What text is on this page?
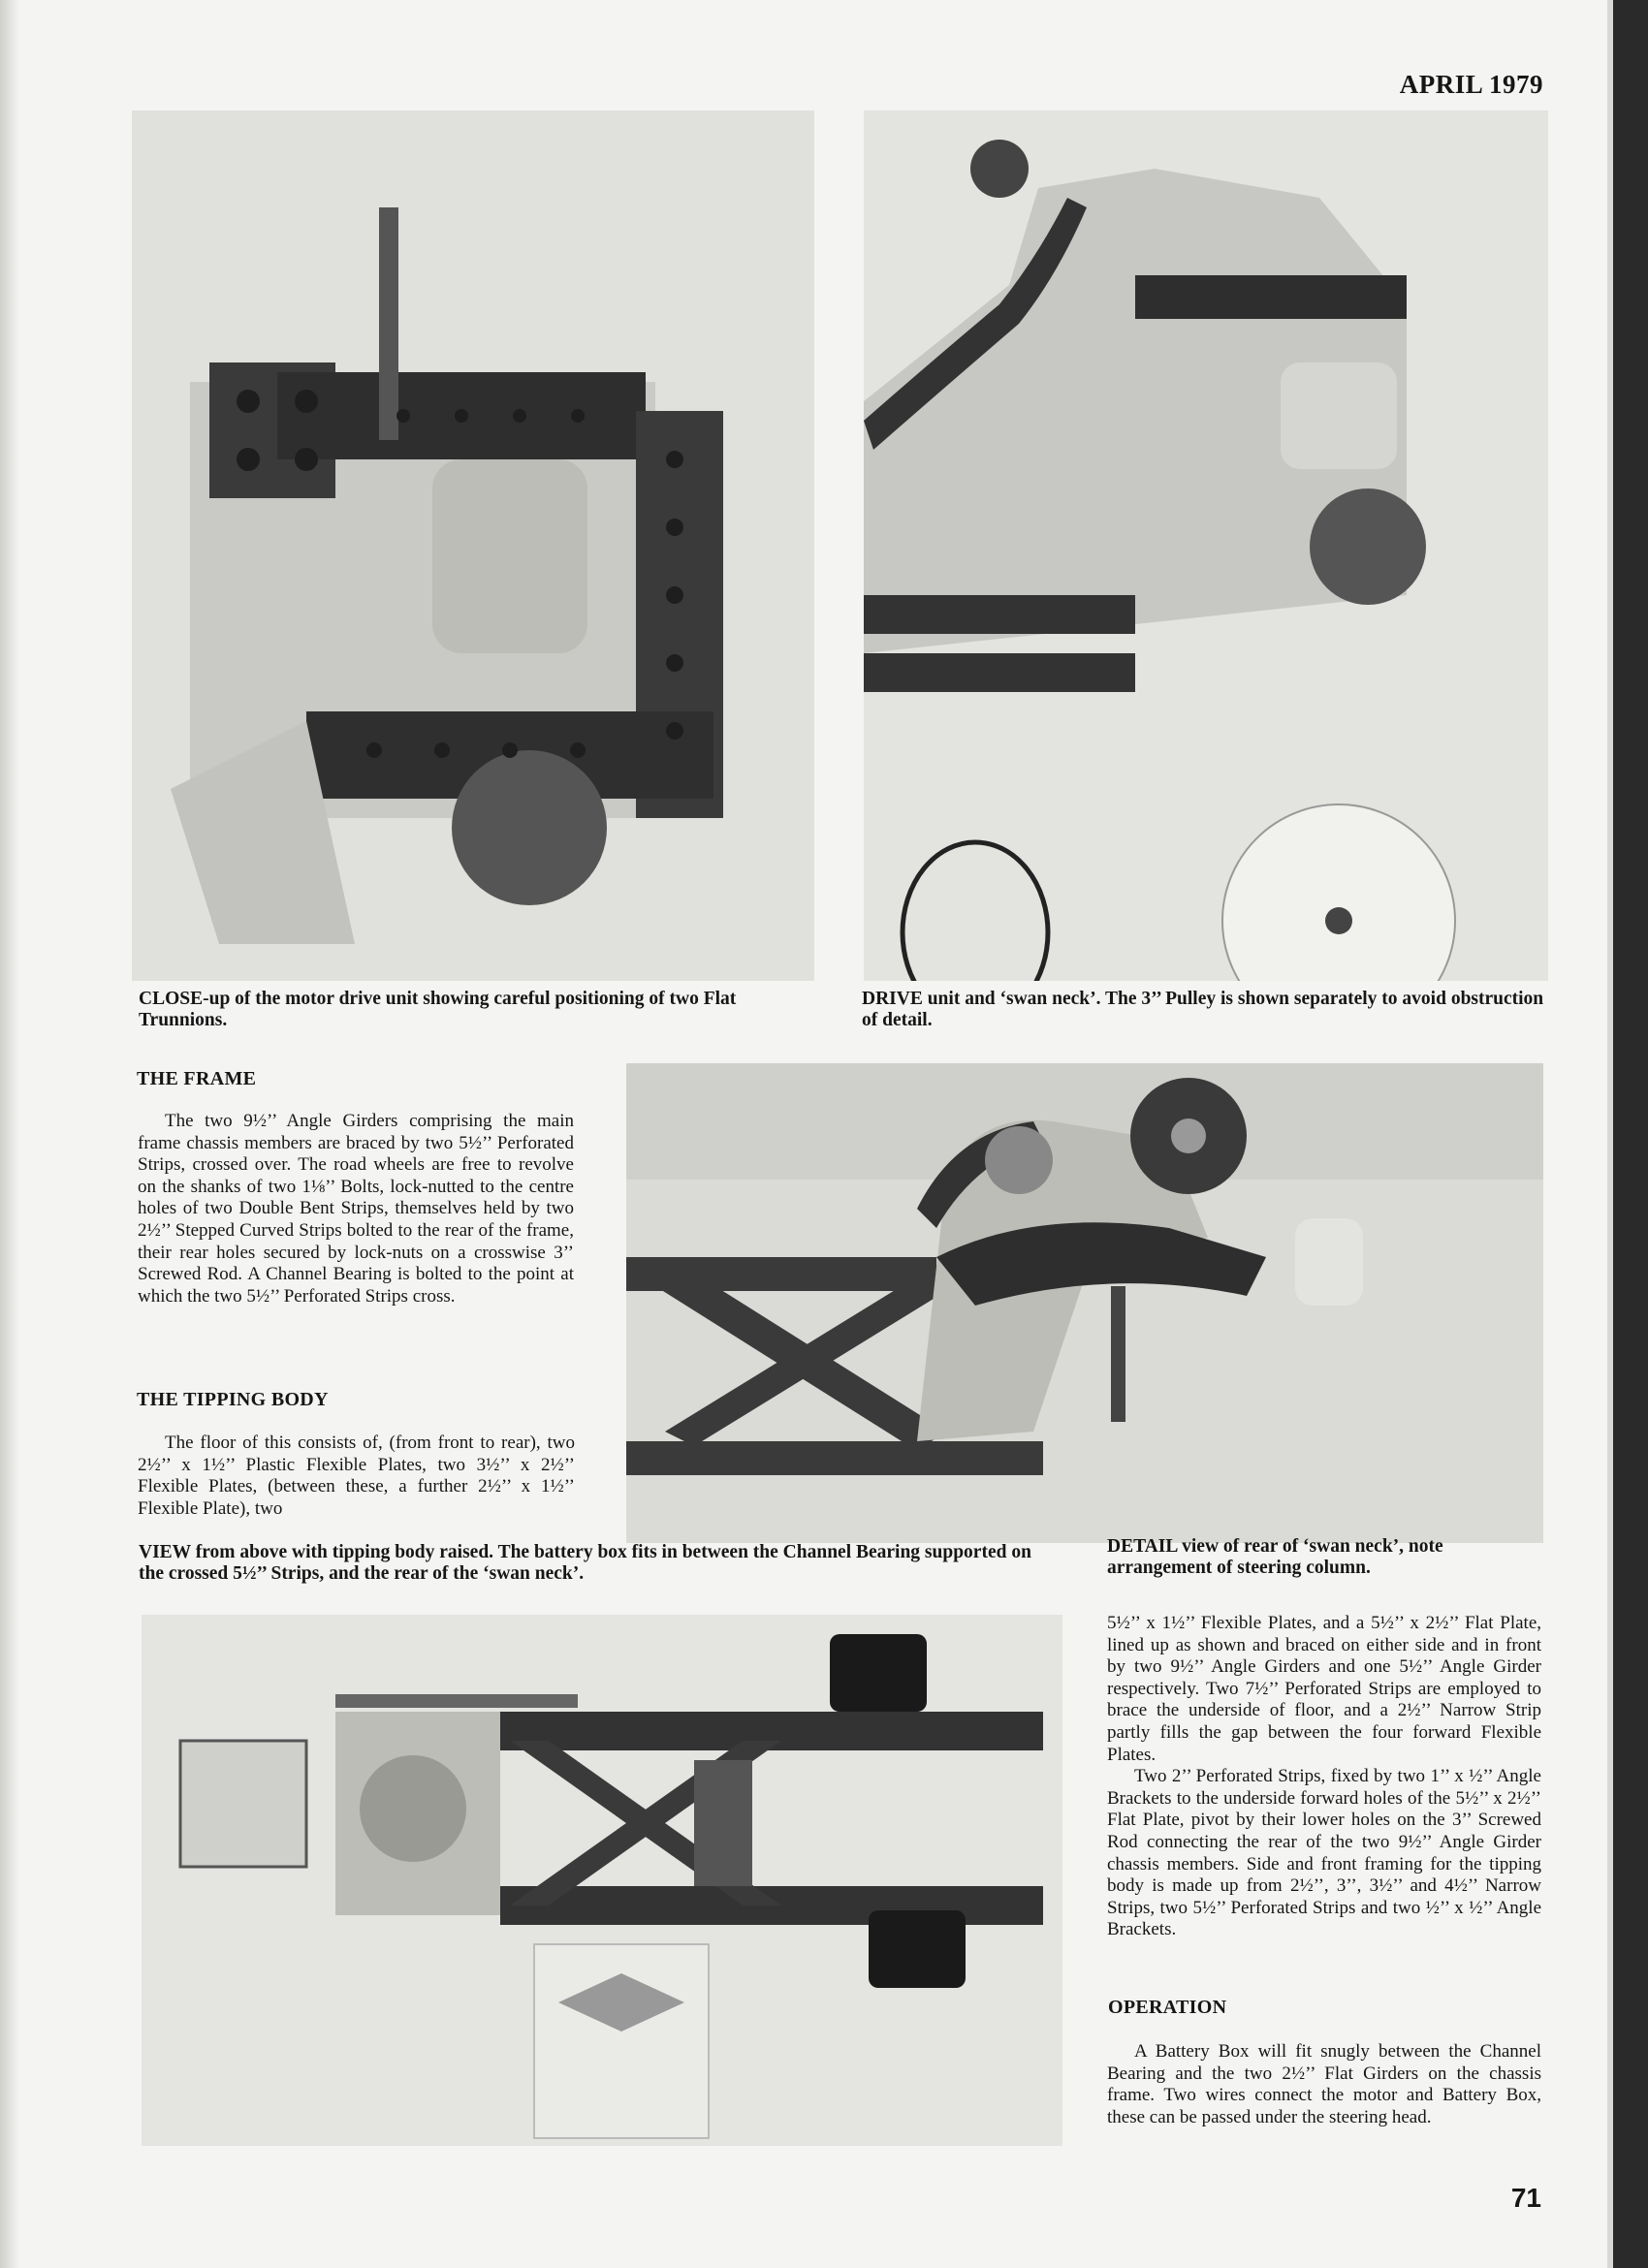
APRIL 1979
CLOSE-up of the motor drive unit showing careful positioning of two Flat Trunnions.
DRIVE unit and ‘swan neck’. The 3’’ Pulley is shown separately to avoid obstruction of detail.
THE FRAME
The two 9½’’ Angle Girders comprising the main frame chassis members are braced by two 5½’’ Perforated Strips, crossed over. The road wheels are free to revolve on the shanks of two 1⅛’’ Bolts, lock-nutted to the centre holes of two Double Bent Strips, themselves held by two 2½’’ Stepped Curved Strips bolted to the rear of the frame, their rear holes secured by lock-nuts on a crosswise 3’’ Screwed Rod. A Channel Bearing is bolted to the point at which the two 5½’’ Perforated Strips cross.
THE TIPPING BODY
The floor of this consists of, (from front to rear), two 2½’’ x 1½’’ Plastic Flexible Plates, two 3½’’ x 2½’’ Flexible Plates, (between these, a further 2½’’ x 1½’’ Flexible Plate), two
VIEW from above with tipping body raised. The battery box fits in between the Channel Bearing supported on the crossed 5½’’ Strips, and the rear of the ‘swan neck’.
DETAIL view of rear of ‘swan neck’, note arrangement of steering column.

5½’’ x 1½’’ Flexible Plates, and a 5½’’ x 2½’’ Flat Plate, lined up as shown and braced on either side and in front by two 9½’’ Angle Girders and one 5½’’ Angle Girder respectively. Two 7½’’ Perforated Strips are employed to brace the underside of floor, and a 2½’’ Narrow Strip partly fills the gap between the four forward Flexible Plates.

Two 2’’ Perforated Strips, fixed by two 1’’ x ½’’ Angle Brackets to the underside forward holes of the 5½’’ x 2½’’ Flat Plate, pivot by their lower holes on the 3’’ Screwed Rod connecting the rear of the two 9½’’ Angle Girder chassis members. Side and front framing for the tipping body is made up from 2½’’, 3’’, 3½’’ and 4½’’ Narrow Strips, two 5½’’ Perforated Strips and two ½’’ x ½’’ Angle Brackets.

OPERATION
A Battery Box will fit snugly between the Channel Bearing and the two 2½’’ Flat Girders on the chassis frame. Two wires connect the motor and Battery Box, these can be passed under the steering head.
71
